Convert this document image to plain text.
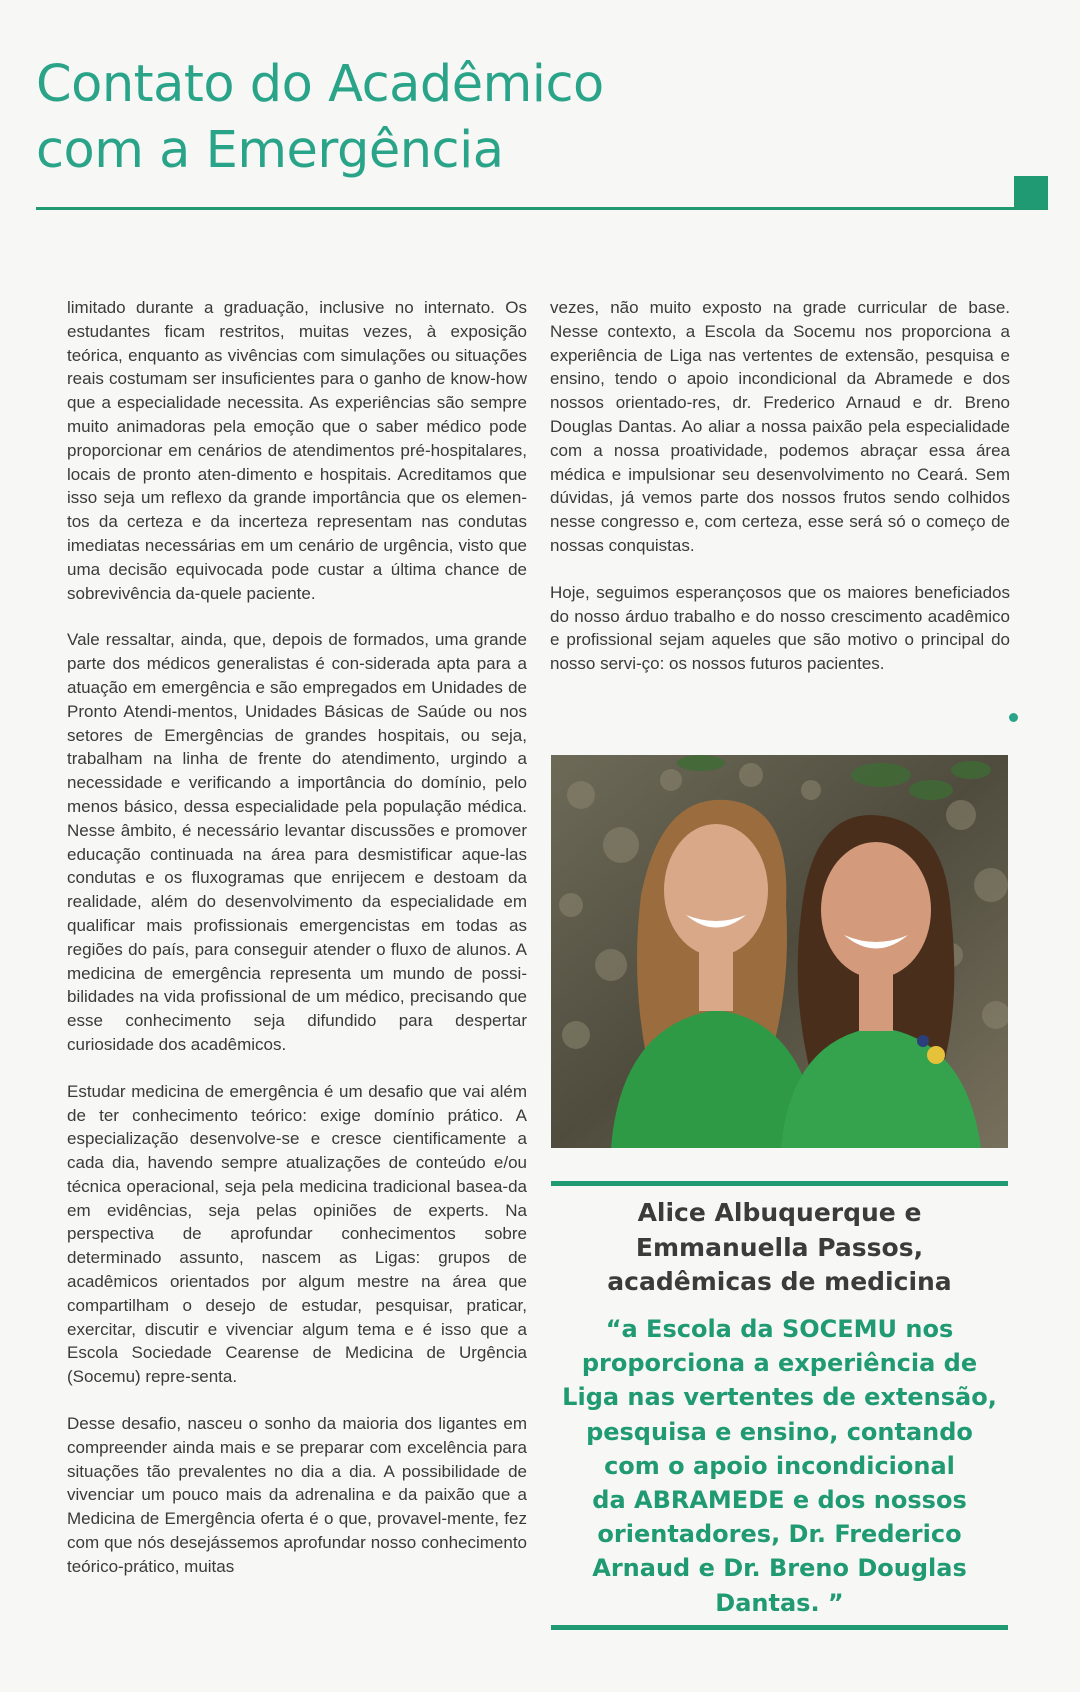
Contato do Acadêmico
com a Emergência

limitado durante a graduação, inclusive no internato. Os estudantes ficam restritos, muitas vezes, à exposição teórica, enquanto as vivências com simulações ou situações reais costumam ser insuficientes para o ganho de know-how que a especialidade necessita. As experiências são sempre muito animadoras pela emoção que o saber médico pode proporcionar em cenários de atendimentos pré-hospitalares, locais de pronto aten-dimento e hospitais. Acreditamos que isso seja um reflexo da grande importância que os elemen-tos da certeza e da incerteza representam nas condutas imediatas necessárias em um cenário de urgência, visto que uma decisão equivocada pode custar a última chance de sobrevivência da-quele paciente.

Vale ressaltar, ainda, que, depois de formados, uma grande parte dos médicos generalistas é con-siderada apta para a atuação em emergência e são empregados em Unidades de Pronto Atendi-mentos, Unidades Básicas de Saúde ou nos setores de Emergências de grandes hospitais, ou seja, trabalham na linha de frente do atendimento, urgindo a necessidade e verificando a importância do domínio, pelo menos básico, dessa especialidade pela população médica. Nesse âmbito, é necessário levantar discussões e promover educação continuada na área para desmistificar aque-las condutas e os fluxogramas que enrijecem e destoam da realidade, além do desenvolvimento da especialidade em qualificar mais profissionais emergencistas em todas as regiões do país, para conseguir atender o fluxo de alunos. A medicina de emergência representa um mundo de possi-bilidades na vida profissional de um médico, precisando que esse conhecimento seja difundido para despertar curiosidade dos acadêmicos.

Estudar medicina de emergência é um desafio que vai além de ter conhecimento teórico: exige domínio prático. A especialização desenvolve-se e cresce cientificamente a cada dia, havendo sempre atualizações de conteúdo e/ou técnica operacional, seja pela medicina tradicional basea-da em evidências, seja pelas opiniões de experts. Na perspectiva de aprofundar conhecimentos sobre determinado assunto, nascem as Ligas: grupos de acadêmicos orientados por algum mestre na área que compartilham o desejo de estudar, pesquisar, praticar, exercitar, discutir e vivenciar algum tema e é isso que a Escola Sociedade Cearense de Medicina de Urgência (Socemu) repre-senta.

Desse desafio, nasceu o sonho da maioria dos ligantes em compreender ainda mais e se preparar com excelência para situações tão prevalentes no dia a dia. A possibilidade de vivenciar um pouco mais da adrenalina e da paixão que a Medicina de Emergência oferta é o que, provavel-mente, fez com que nós desejássemos aprofundar nosso conhecimento teórico-prático, muitas

vezes, não muito exposto na grade curricular de base. Nesse contexto, a Escola da Socemu nos proporciona a experiência de Liga nas vertentes de extensão, pesquisa e ensino, tendo o apoio incondicional da Abramede e dos nossos orientado-res, dr. Frederico Arnaud e dr. Breno Douglas Dantas. Ao aliar a nossa paixão pela especialidade com a nossa proatividade, podemos abraçar essa área médica e impulsionar seu desenvolvimento no Ceará. Sem dúvidas, já vemos parte dos nossos frutos sendo colhidos nesse congresso e, com certeza, esse será só o começo de nossas conquistas.

Hoje, seguimos esperançosos que os maiores beneficiados do nosso árduo trabalho e do nosso crescimento acadêmico e profissional sejam aqueles que são motivo o principal do nosso servi-ço: os nossos futuros pacientes.

Alice Albuquerque e
Emmanuella Passos,
acadêmicas de medicina
“a Escola da SOCEMU nos
proporciona a experiência de
Liga nas vertentes de extensão,
pesquisa e ensino, contando
com o apoio incondicional
da ABRAMEDE e dos nossos
orientadores, Dr. Frederico
Arnaud e Dr. Breno Douglas
Dantas. ”
